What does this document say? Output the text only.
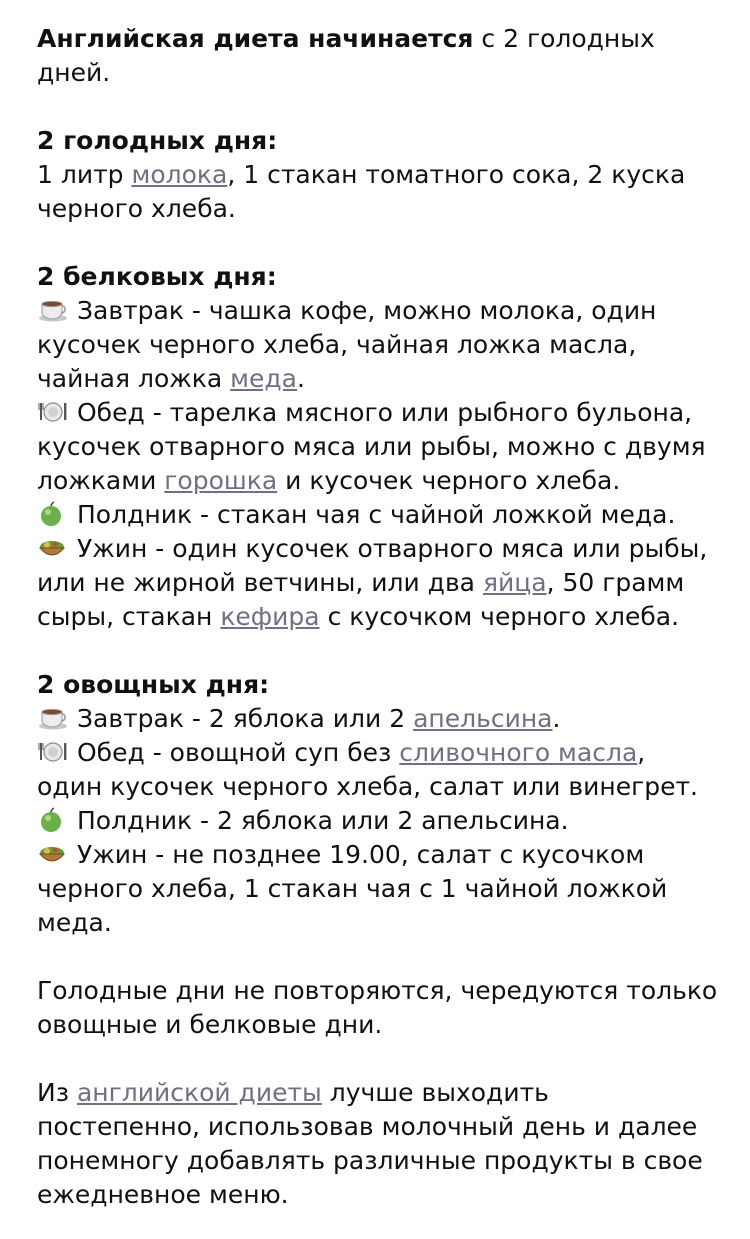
Английская диета начинается с 2 голодных
дней.
2 голодных дня:
1 литр молока, 1 стакан томатного сока, 2 куска
черного хлеба.
2 белковых дня:
Завтрак - чашка кофе, можно молока, один
кусочек черного хлеба, чайная ложка масла,
чайная ложка меда.
Обед - тарелка мясного или рыбного бульона,
кусочек отварного мяса или рыбы, можно с двумя
ложками горошка и кусочек черного хлеба.
Полдник - стакан чая с чайной ложкой меда.
Ужин - один кусочек отварного мяса или рыбы,
или не жирной ветчины, или два яйца, 50 грамм
сыры, стакан кефира с кусочком черного хлеба.
2 овощных дня:
Завтрак - 2 яблока или 2 апельсина.
Обед - овощной суп без сливочного масла,
один кусочек черного хлеба, салат или винегрет.
Полдник - 2 яблока или 2 апельсина.
Ужин - не позднее 19.00, салат с кусочком
черного хлеба, 1 стакан чая с 1 чайной ложкой
меда.
Голодные дни не повторяются, чередуются только
овощные и белковые дни.
Из английской диеты лучше выходить
постепенно, использовав молочный день и далее
понемногу добавлять различные продукты в свое
ежедневное меню.
